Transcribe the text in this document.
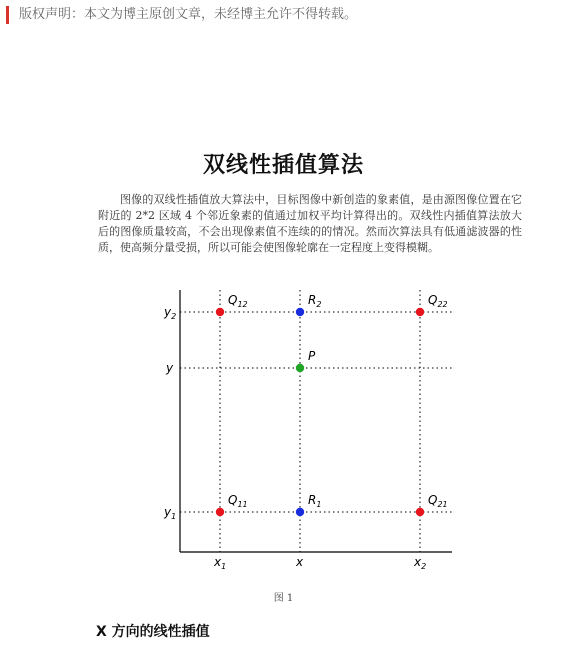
版权声明：本文为博主原创文章，未经博主允许不得转载。
双线性插值算法
图像的双线性插值放大算法中，目标图像中新创造的象素值，是由源图像位置在它附近的 2*2 区域 4 个邻近象素的值通过加权平均计算得出的。双线性内插值算法放大后的图像质量较高，不会出现像素值不连续的的情况。然而次算法具有低通滤波器的性质，使高频分量受损，所以可能会使图像轮廓在一定程度上变得模糊。
$y_2$
y
$y_1$
$x_1$	x	$x_2$
$Q_{12}$	$R_2$	$Q_{22}$
P
$Q_{11}$	$R_1$	$Q_{21}$
图 1
X 方向的线性插值
